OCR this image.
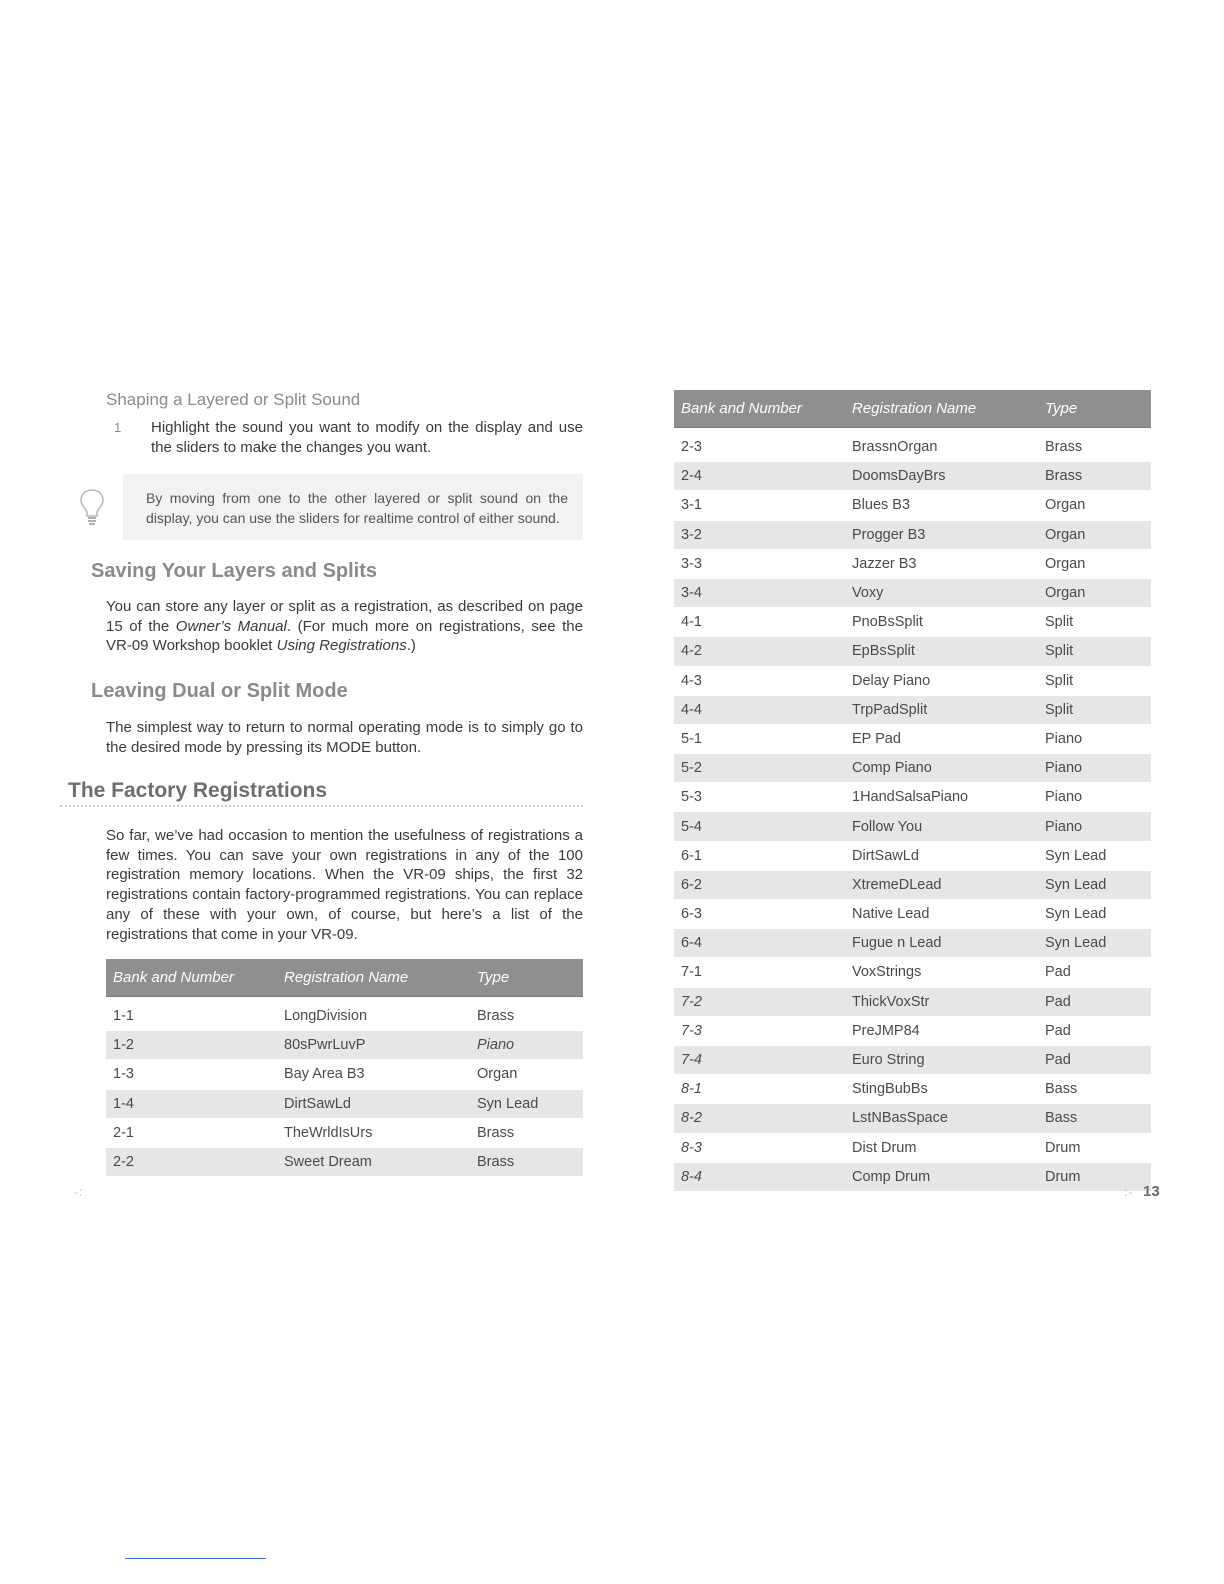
Shaping a Layered or Split Sound
1 Highlight the sound you want to modify on the display and use the sliders to make the changes you want.
By moving from one to the other layered or split sound on the display, you can use the sliders for realtime control of either sound.
Saving Your Layers and Splits
You can store any layer or split as a registration, as described on page 15 of the Owner’s Manual. (For much more on registrations, see the VR-09 Workshop booklet Using Registrations.)
Leaving Dual or Split Mode
The simplest way to return to normal operating mode is to simply go to the desired mode by pressing its MODE button.
The Factory Registrations
So far, we’ve had occasion to mention the usefulness of registrations a few times. You can save your own registrations in any of the 100 registration memory locations. When the VR-09 ships, the first 32 registrations contain factory-programmed registrations. You can replace any of these with your own, of course, but here’s a list of the registrations that come in your VR-09.
Bank and Number	Registration Name	Type
1-1	LongDivision	Brass
1-2	80sPwrLuvP	Piano
1-3	Bay Area B3	Organ
1-4	DirtSawLd	Syn Lead
2-1	TheWrldIsUrs	Brass
2-2	Sweet Dream	Brass
Bank and Number	Registration Name	Type
2-3	BrassnOrgan	Brass
2-4	DoomsDayBrs	Brass
3-1	Blues B3	Organ
3-2	Progger B3	Organ
3-3	Jazzer B3	Organ
3-4	Voxy	Organ
4-1	PnoBsSplit	Split
4-2	EpBsSplit	Split
4-3	Delay Piano	Split
4-4	TrpPadSplit	Split
5-1	EP Pad	Piano
5-2	Comp Piano	Piano
5-3	1HandSalsaPiano	Piano
5-4	Follow You	Piano
6-1	DirtSawLd	Syn Lead
6-2	XtremeDLead	Syn Lead
6-3	Native Lead	Syn Lead
6-4	Fugue n Lead	Syn Lead
7-1	VoxStrings	Pad
7-2	ThickVoxStr	Pad
7-3	PreJMP84	Pad
7-4	Euro String	Pad
8-1	StingBubBs	Bass
8-2	LstNBasSpace	Bass
8-3	Dist Drum	Drum
8-4	Comp Drum	Drum
-:	:- 13
